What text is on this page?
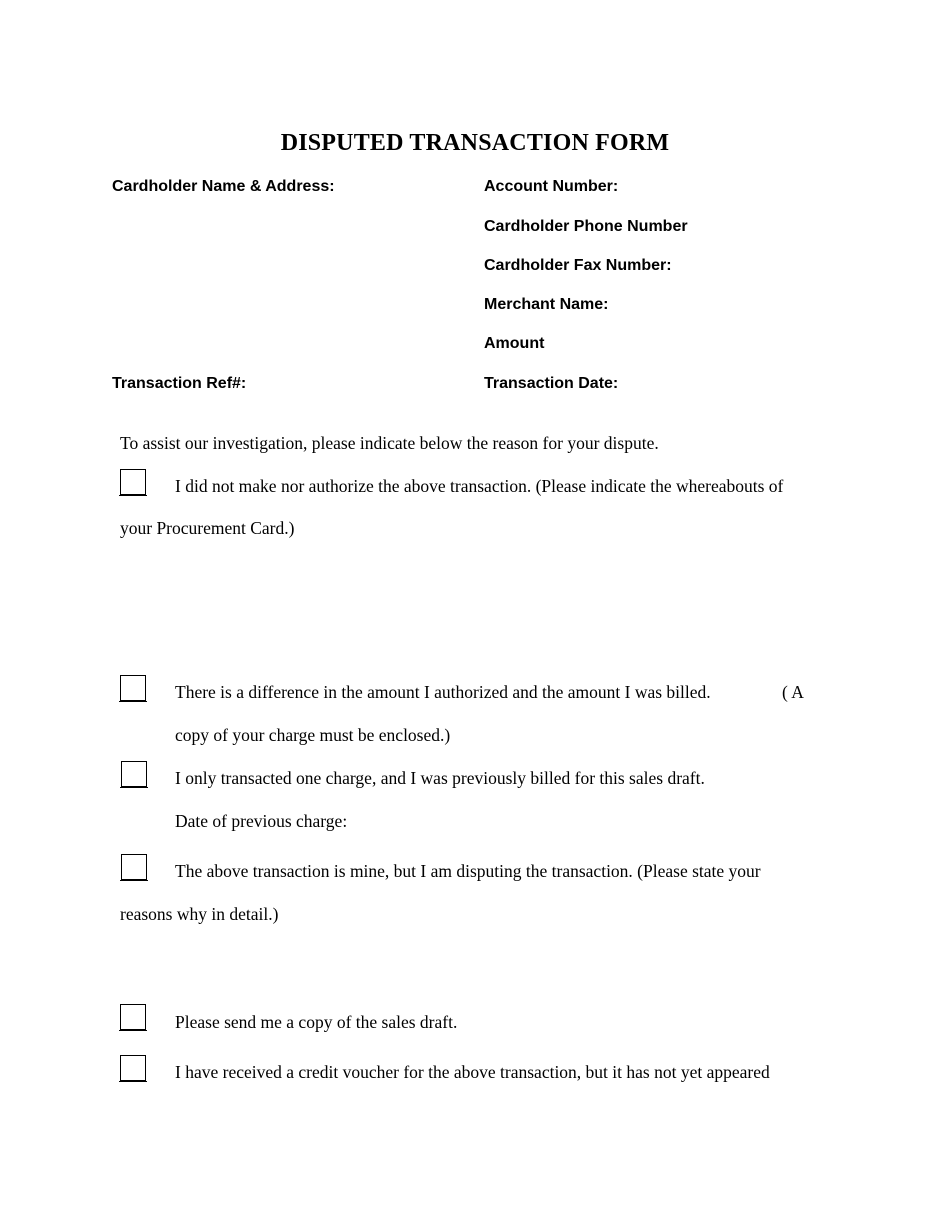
DISPUTED TRANSACTION FORM
Cardholder Name & Address:
Transaction Ref#:
Account Number:
Cardholder Phone Number
Cardholder Fax Number:
Merchant Name:
Amount
Transaction Date:
To assist our investigation, please indicate below the reason for your dispute.
I did not make nor authorize the above transaction. (Please indicate the whereabouts of
your Procurement Card.)
There is a difference in the amount I authorized and the amount I was billed.	( A
copy of your charge must be enclosed.)
I only transacted one charge, and I was previously billed for this sales draft.
Date of previous charge:
The above transaction is mine, but I am disputing the transaction. (Please state your
reasons why in detail.)
Please send me a copy of the sales draft.
I have received a credit voucher for the above transaction, but it has not yet appeared
